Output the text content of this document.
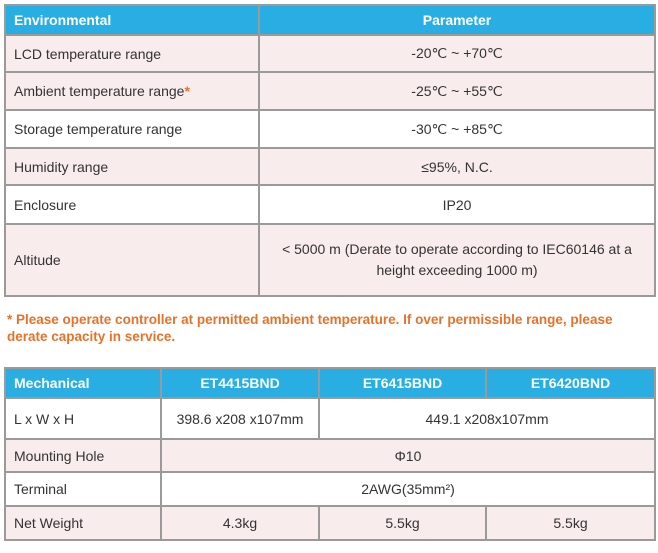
Environmental	Parameter
LCD temperature range	-20℃ ~ +70℃
Ambient temperature range*	-25℃ ~ +55℃
Storage temperature range	-30℃ ~ +85℃
Humidity range	≤95%, N.C.
Enclosure	IP20
Altitude	< 5000 m (Derate to operate according to IEC60146 at a height exceeding 1000 m)
* Please operate controller at permitted ambient temperature. If over permissible range, please
derate capacity in service.
Mechanical	ET4415BND	ET6415BND	ET6420BND
L x W x H	398.6 x208 x107mm	449.1 x208x107mm	
Mounting Hole	Φ10		
Terminal	2AWG(35mm²)		
Net Weight	4.3kg	5.5kg	5.5kg
